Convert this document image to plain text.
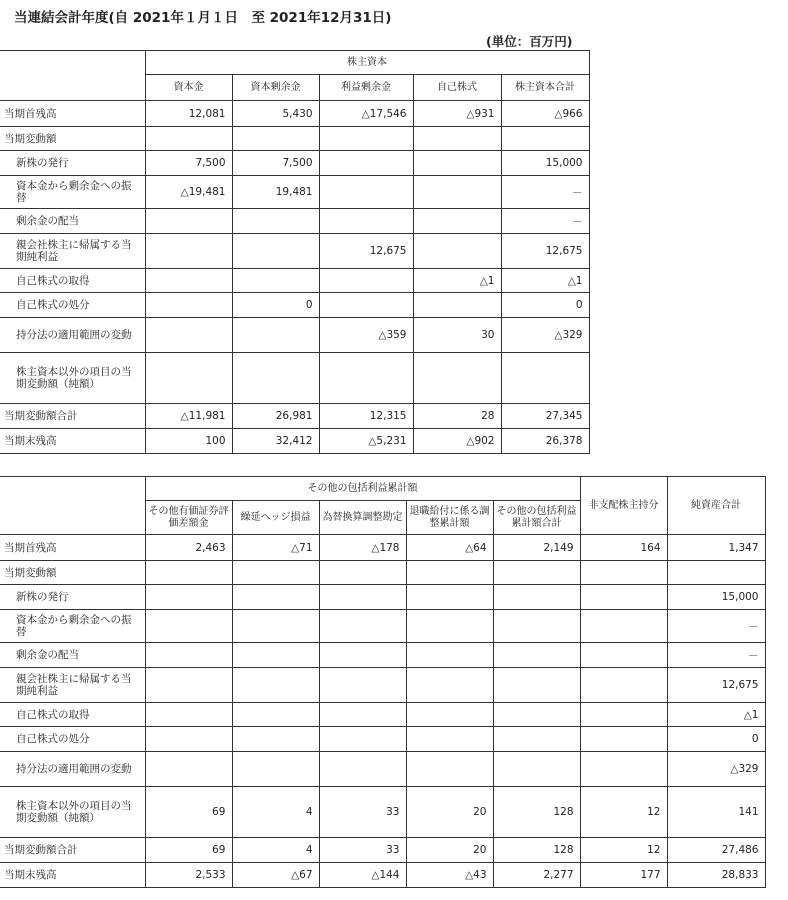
当連結会計年度(自 2021年１月１日　至 2021年12月31日)
(単位：百万円)
	株主資本				
	資本金	資本剰余金	利益剰余金	自己株式	株主資本合計
当期首残高	12,081	5,430	△17,546	△931	△966
当期変動額					
新株の発行	7,500	7,500			15,000
資本金から剰余金への振替	△19,481	19,481			－
剰余金の配当					－
親会社株主に帰属する当期純利益			12,675		12,675
自己株式の取得				△1	△1
自己株式の処分		0			0
持分法の適用範囲の変動			△359	30	△329
株主資本以外の項目の当期変動額（純額）					
当期変動額合計	△11,981	26,981	12,315	28	27,345
当期末残高	100	32,412	△5,231	△902	26,378
	その他の包括利益累計額					非支配株主持分	純資産合計
	その他有価証券評価差額金	繰延ヘッジ損益	為替換算調整勘定	退職給付に係る調整累計額	その他の包括利益累計額合計		
当期首残高	2,463	△71	△178	△64	2,149	164	1,347
当期変動額							
新株の発行							15,000
資本金から剰余金への振替							－
剰余金の配当							－
親会社株主に帰属する当期純利益							12,675
自己株式の取得							△1
自己株式の処分							0
持分法の適用範囲の変動							△329
株主資本以外の項目の当期変動額（純額）	69	4	33	20	128	12	141
当期変動額合計	69	4	33	20	128	12	27,486
当期末残高	2,533	△67	△144	△43	2,277	177	28,833
